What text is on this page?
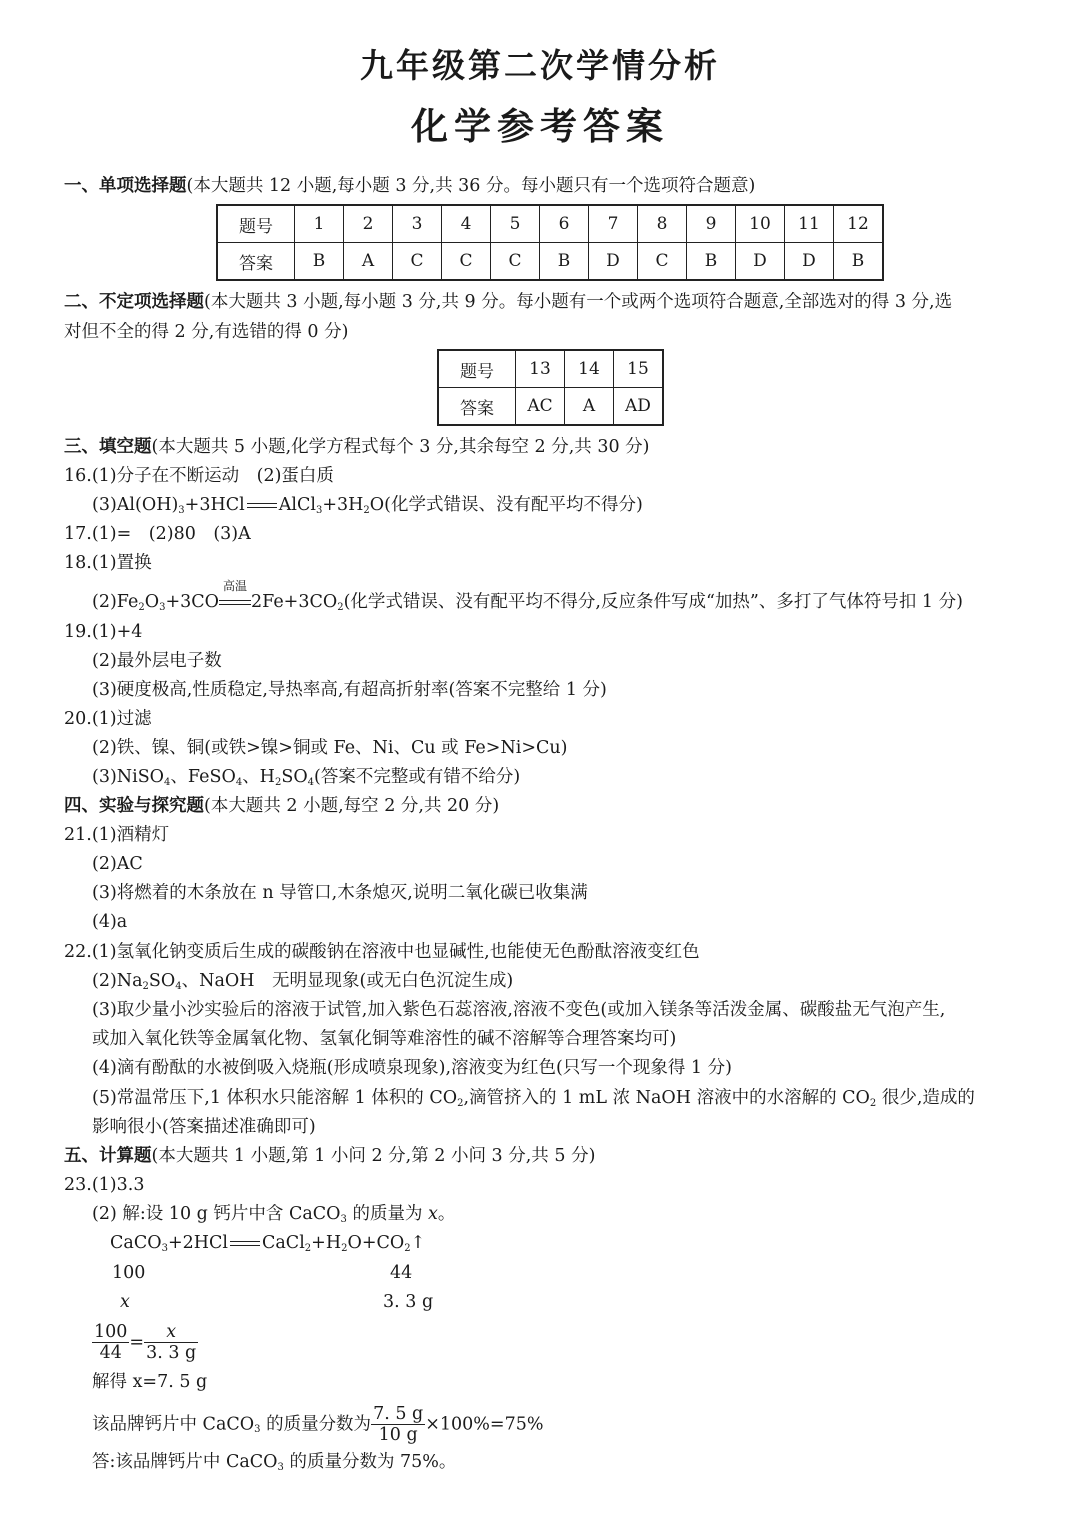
九年级第二次学情分析
化学参考答案
一、单项选择题(本大题共 12 小题,每小题 3 分,共 36 分。每小题只有一个选项符合题意)
题号	1	2	3	4	5	6	7	8	9	10	11	12
答案	B	A	C	C	C	B	D	C	B	D	D	B
二、不定项选择题(本大题共 3 小题,每小题 3 分,共 9 分。每小题有一个或两个选项符合题意,全部选对的得 3 分,选
对但不全的得 2 分,有选错的得 0 分)
题号	13	14	15
答案	AC	A	AD
三、填空题(本大题共 5 小题,化学方程式每个 3 分,其余每空 2 分,共 30 分)
16.(1)分子在不断运动　(2)蛋白质
$(3)Al(OH)_3+3HCl$ $AlCl_3+3H_2O$(化学式错误、没有配平均不得分)
17.(1)=　(2)80　(3)A
18.(1)置换
$(2)Fe_2O_3+3CO$
高温
$2Fe+3CO_2$(化学式错误、没有配平均不得分,反应条件写成“加热”、多打了气体符号扣 1 分)
19.(1)+4
(2)最外层电子数
(3)硬度极高,性质稳定,导热率高,有超高折射率(答案不完整给 1 分)
20.(1)过滤
(2)铁、镍、铜(或铁>镍>铜或 Fe、Ni、Cu 或 Fe>Ni>Cu)
(3)NiSO$_4$、FeSO$_4$、$H_2SO_4$(答案不完整或有错不给分)
四、实验与探究题(本大题共 2 小题,每空 2 分,共 20 分)
21.(1)酒精灯
(2)AC
(3)将燃着的木条放在 n 导管口,木条熄灭,说明二氧化碳已收集满
(4)a
22.(1)氢氧化钠变质后生成的碳酸钠在溶液中也显碱性,也能使无色酚酞溶液变红色
$(2)Na_2SO_4$、NaOH　无明显现象(或无白色沉淀生成)
(3)取少量小沙实验后的溶液于试管,加入紫色石蕊溶液,溶液不变色(或加入镁条等活泼金属、碳酸盐无气泡产生,
或加入氧化铁等金属氧化物、氢氧化铜等难溶性的碱不溶解等合理答案均可)
(4)滴有酚酞的水被倒吸入烧瓶(形成喷泉现象),溶液变为红色(只写一个现象得 1 分)
(5)常温常压下,1 体积水只能溶解 1 体积的 $CO_2$,滴管挤入的 1 mL 浓 NaOH 溶液中的水溶解的 $CO_2$ 很少,造成的
影响很小(答案描述准确即可)
五、计算题(本大题共 1 小题,第 1 小问 2 分,第 2 小问 3 分,共 5 分)
23.(1)3.3
(2) 解:设 10 g 钙片中含 CaCO$_3$ 的质量为 x。
CaCO$_3$+2HCl $CaCl_2+H_2O+CO_2↑$
100	44
x	3. 3 g
$\frac{100}{44} = \frac{x}{3. 3 g}$
解得 x=7. 5 g
该品牌钙片中 CaCO$_3$ 的质量分数为 $\frac{7. 5 g}{10 g} \times 100\%=75\%$
答:该品牌钙片中 CaCO$_3$ 的质量分数为 75%。
